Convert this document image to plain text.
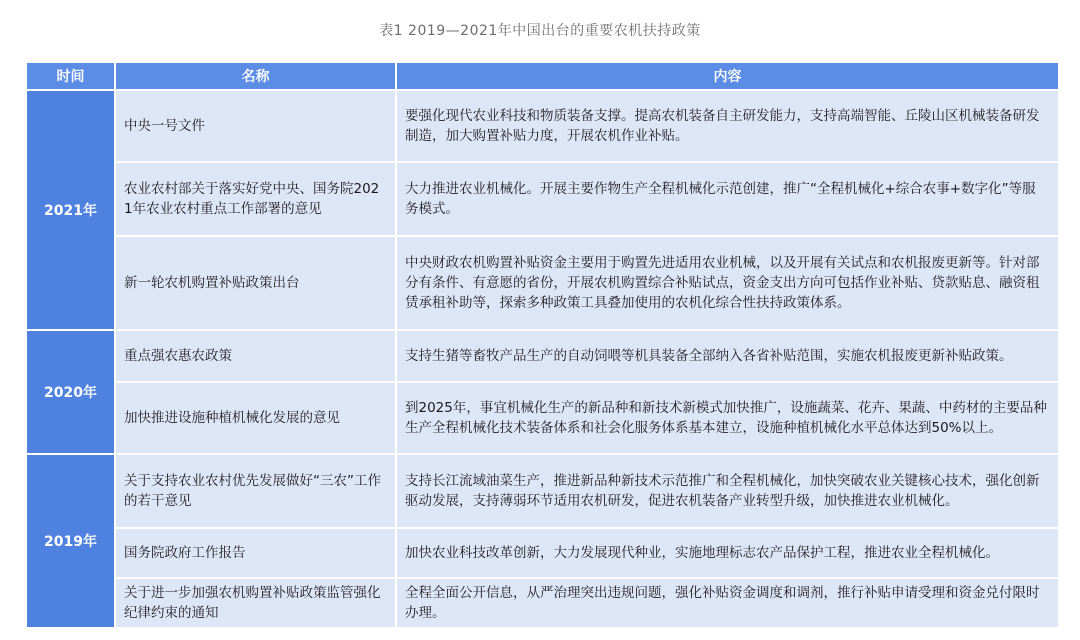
表1 2019—2021年中国出台的重要农机扶持政策
时间	名称	内容
2021年	中央一号文件	要强化现代农业科技和物质装备支撑。提高农机装备自主研发能力，支持高端智能、丘陵山区机械装备研发制造，加大购置补贴力度，开展农机作业补贴。
	农业农村部关于落实好党中央、国务院2021年农业农村重点工作部署的意见	大力推进农业机械化。开展主要作物生产全程机械化示范创建，推广“全程机械化+综合农事+数字化”等服务模式。
	新一轮农机购置补贴政策出台	中央财政农机购置补贴资金主要用于购置先进适用农业机械，以及开展有关试点和农机报废更新等。针对部分有条件、有意愿的省份，开展农机购置综合补贴试点，资金支出方向可包括作业补贴、贷款贴息、融资租赁承租补助等，探索多种政策工具叠加使用的农机化综合性扶持政策体系。
2020年	重点强农惠农政策	支持生猪等畜牧产品生产的自动饲喂等机具装备全部纳入各省补贴范围，实施农机报废更新补贴政策。
	加快推进设施种植机械化发展的意见	到2025年，事宜机械化生产的新品种和新技术新模式加快推广，设施蔬菜、花卉、果蔬、中药材的主要品种生产全程机械化技术装备体系和社会化服务体系基本建立，设施种植机械化水平总体达到50%以上。
2019年	关于支持农业农村优先发展做好“三农”工作的若干意见	支持长江流域油菜生产，推进新品种新技术示范推广和全程机械化，加快突破农业关键核心技术，强化创新驱动发展，支持薄弱环节适用农机研发，促进农机装备产业转型升级，加快推进农业机械化。
	国务院政府工作报告	加快农业科技改革创新，大力发展现代种业，实施地理标志农产品保护工程，推进农业全程机械化。
	关于进一步加强农机购置补贴政策监管强化纪律约束的通知	全程全面公开信息，从严治理突出违规问题，强化补贴资金调度和调剂，推行补贴申请受理和资金兑付限时办理。
